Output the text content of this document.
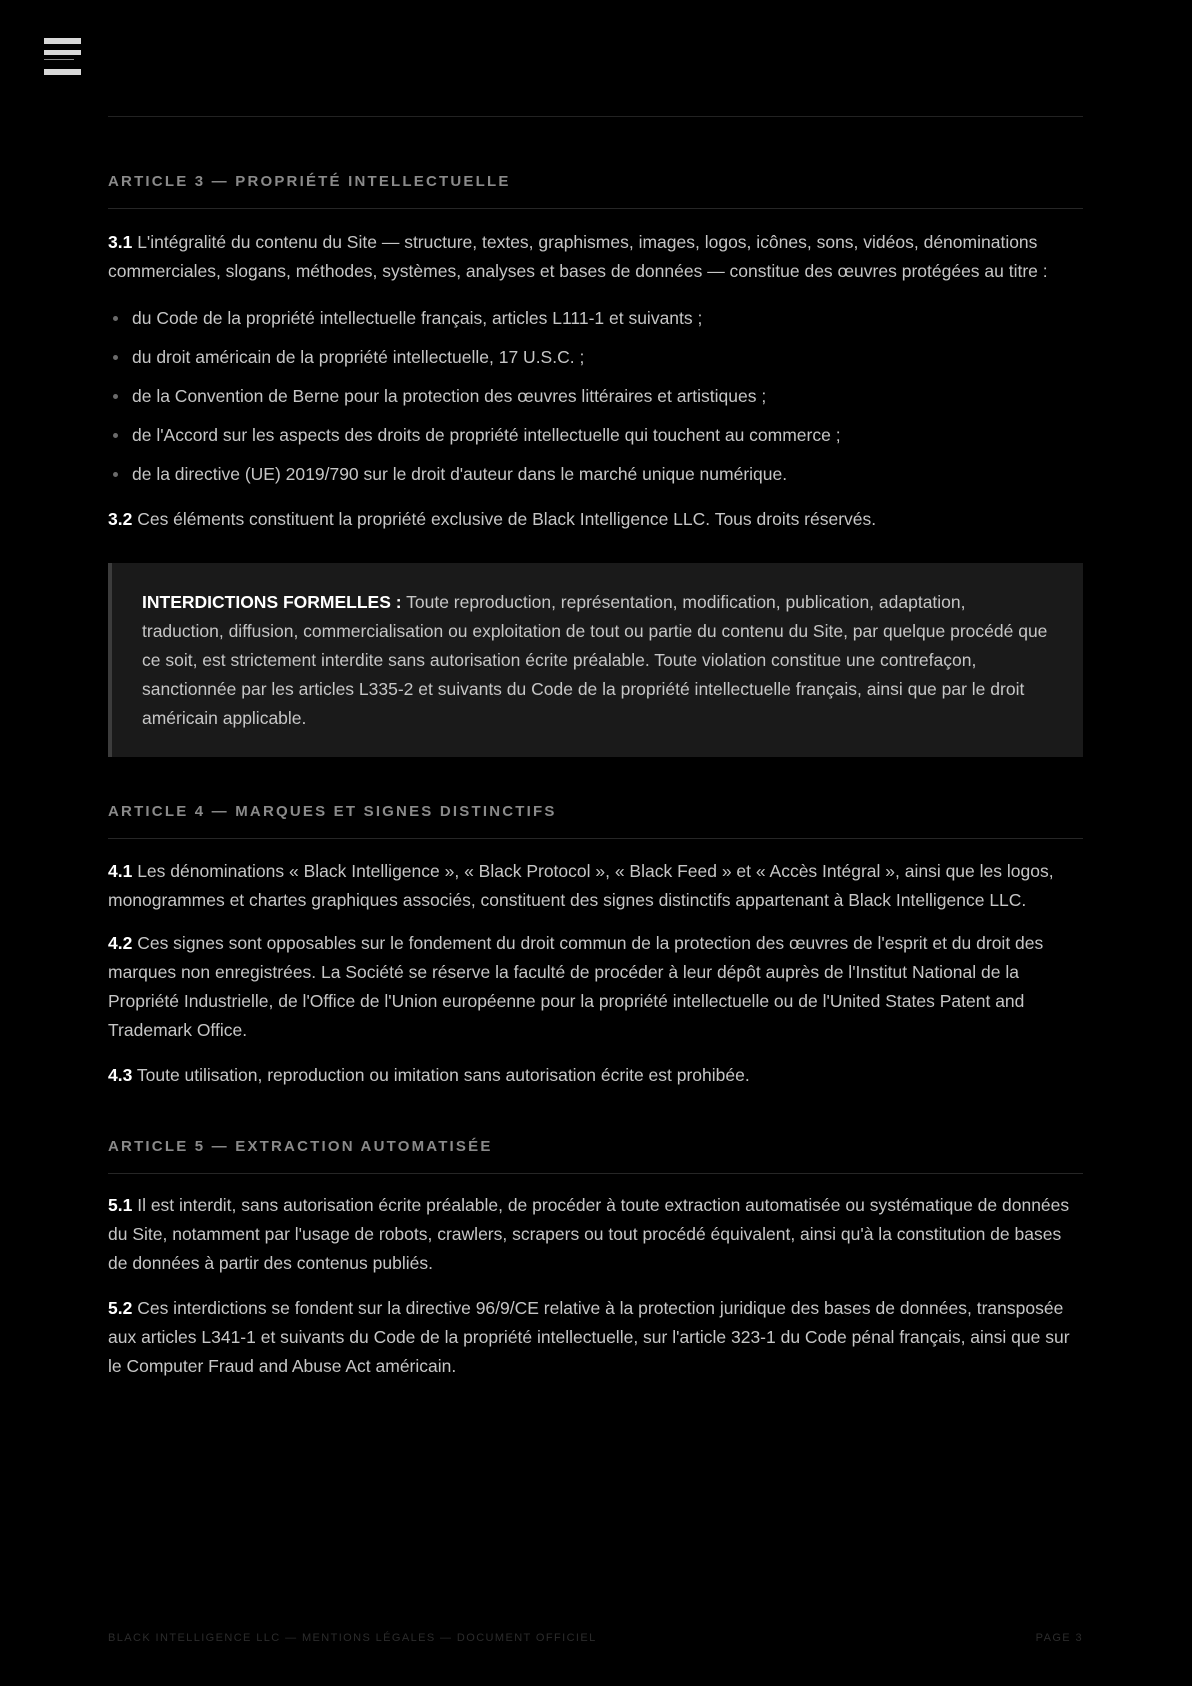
ARTICLE 3 — PROPRIÉTÉ INTELLECTUELLE

3.1 L'intégralité du contenu du Site — structure, textes, graphismes, images, logos, icônes, sons, vidéos, dénominations commerciales, slogans, méthodes, systèmes, analyses et bases de données — constitue des œuvres protégées au titre :

du Code de la propriété intellectuelle français, articles L111-1 et suivants ;
du droit américain de la propriété intellectuelle, 17 U.S.C. ;
de la Convention de Berne pour la protection des œuvres littéraires et artistiques ;
de l'Accord sur les aspects des droits de propriété intellectuelle qui touchent au commerce ;
de la directive (UE) 2019/790 sur le droit d'auteur dans le marché unique numérique.

3.2 Ces éléments constituent la propriété exclusive de Black Intelligence LLC. Tous droits réservés.

INTERDICTIONS FORMELLES : Toute reproduction, représentation, modification, publication, adaptation, traduction, diffusion, commercialisation ou exploitation de tout ou partie du contenu du Site, par quelque procédé que ce soit, est strictement interdite sans autorisation écrite préalable. Toute violation constitue une contrefaçon, sanctionnée par les articles L335-2 et suivants du Code de la propriété intellectuelle français, ainsi que par le droit américain applicable.
ARTICLE 4 — MARQUES ET SIGNES DISTINCTIFS

4.1 Les dénominations « Black Intelligence », « Black Protocol », « Black Feed » et « Accès Intégral », ainsi que les logos, monogrammes et chartes graphiques associés, constituent des signes distinctifs appartenant à Black Intelligence LLC.

4.2 Ces signes sont opposables sur le fondement du droit commun de la protection des œuvres de l'esprit et du droit des marques non enregistrées. La Société se réserve la faculté de procéder à leur dépôt auprès de l'Institut National de la Propriété Industrielle, de l'Office de l'Union européenne pour la propriété intellectuelle ou de l'United States Patent and Trademark Office.

4.3 Toute utilisation, reproduction ou imitation sans autorisation écrite est prohibée.

ARTICLE 5 — EXTRACTION AUTOMATISÉE

5.1 Il est interdit, sans autorisation écrite préalable, de procéder à toute extraction automatisée ou systématique de données du Site, notamment par l'usage de robots, crawlers, scrapers ou tout procédé équivalent, ainsi qu'à la constitution de bases de données à partir des contenus publiés.

5.2 Ces interdictions se fondent sur la directive 96/9/CE relative à la protection juridique des bases de données, transposée aux articles L341-1 et suivants du Code de la propriété intellectuelle, sur l'article 323-1 du Code pénal français, ainsi que sur le Computer Fraud and Abuse Act américain.

BLACK INTELLIGENCE LLC — MENTIONS LÉGALES — DOCUMENT OFFICIEL	PAGE 3
